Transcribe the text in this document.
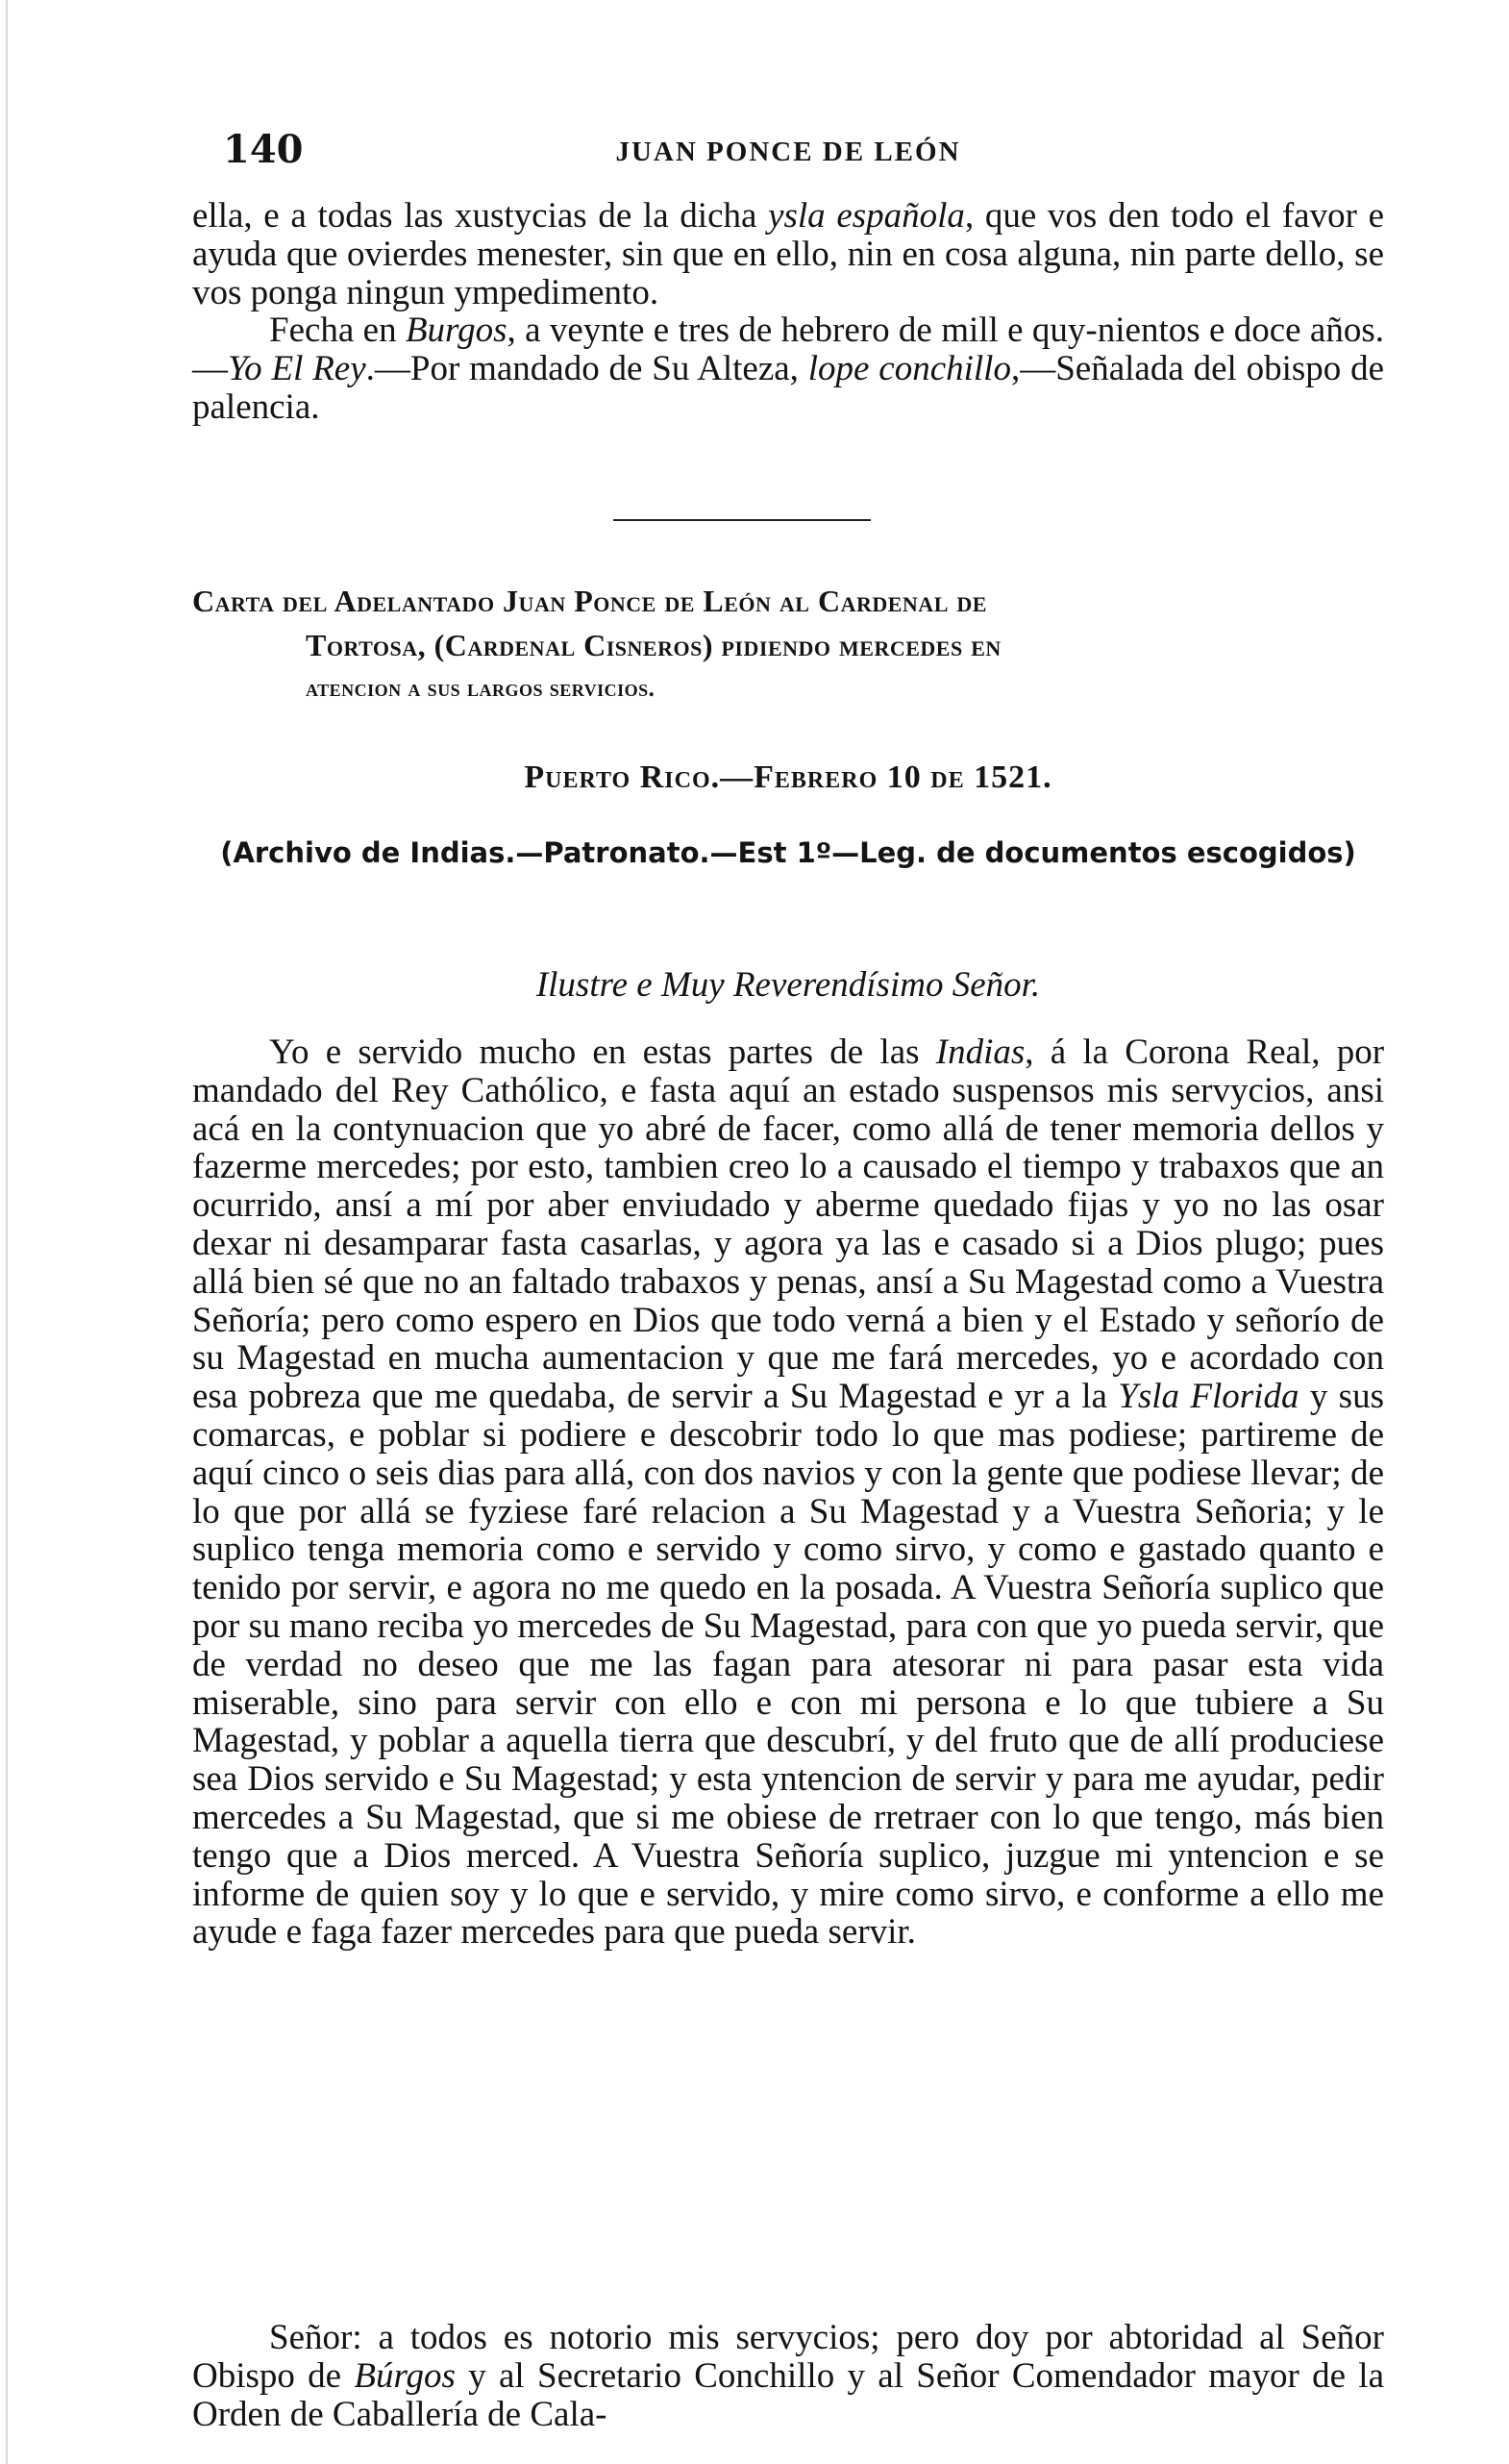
140	JUAN PONCE DE LEÓN

ella, e a todas las xustycias de la dicha ysla española, que vos den todo el favor e ayuda que ovierdes menester, sin que en ello, nin en cosa alguna, nin parte dello, se vos ponga ningun ympedimento.

Fecha en Burgos, a veynte e tres de hebrero de mill e quy-nientos e doce años.—Yo El Rey.—Por mandado de Su Alteza, lope conchillo,—Señalada del obispo de palencia.

Carta del Adelantado Juan Ponce de León al Cardenal de
Tortosa, (Cardenal Cisneros) pidiendo mercedes en
atencion a sus largos servicios.
Puerto Rico.—Febrero 10 de 1521.
(Archivo de Indias.—Patronato.—Est 1º—Leg. de documentos escogidos)
Ilustre e Muy Reverendísimo Señor.

Yo e servido mucho en estas partes de las Indias, á la Corona Real, por mandado del Rey Cathólico, e fasta aquí an estado suspensos mis servycios, ansi acá en la contynuacion que yo abré de facer, como allá de tener memoria dellos y fazerme mercedes; por esto, tambien creo lo a causado el tiempo y trabaxos que an ocurrido, ansí a mí por aber enviudado y aberme quedado fijas y yo no las osar dexar ni desamparar fasta casarlas, y agora ya las e casado si a Dios plugo; pues allá bien sé que no an faltado trabaxos y penas, ansí a Su Magestad como a Vuestra Señoría; pero como espero en Dios que todo verná a bien y el Estado y señorío de su Magestad en mucha aumentacion y que me fará mercedes, yo e acordado con esa pobreza que me quedaba, de servir a Su Magestad e yr a la Ysla Florida y sus comarcas, e poblar si podiere e descobrir todo lo que mas podiese; partireme de aquí cinco o seis dias para allá, con dos navios y con la gente que podiese llevar; de lo que por allá se fyziese faré relacion a Su Magestad y a Vuestra Señoria; y le suplico tenga memoria como e servido y como sirvo, y como e gastado quanto e tenido por servir, e agora no me quedo en la posada. A Vuestra Señoría suplico que por su mano reciba yo mercedes de Su Magestad, para con que yo pueda servir, que de verdad no deseo que me las fagan para atesorar ni para pasar esta vida miserable, sino para servir con ello e con mi persona e lo que tubiere a Su Magestad, y poblar a aquella tierra que descubrí, y del fruto que de allí produciese sea Dios servido e Su Magestad; y esta yntencion de servir y para me ayudar, pedir mercedes a Su Magestad, que si me obiese de rretraer con lo que tengo, más bien tengo que a Dios merced. A Vuestra Señoría suplico, juzgue mi yntencion e se informe de quien soy y lo que e servido, y mire como sirvo, e conforme a ello me ayude e faga fazer mercedes para que pueda servir.

Señor: a todos es notorio mis servycios; pero doy por abtoridad al Señor Obispo de Búrgos y al Secretario Conchillo y al Señor Comendador mayor de la Orden de Caballería de Cala-
